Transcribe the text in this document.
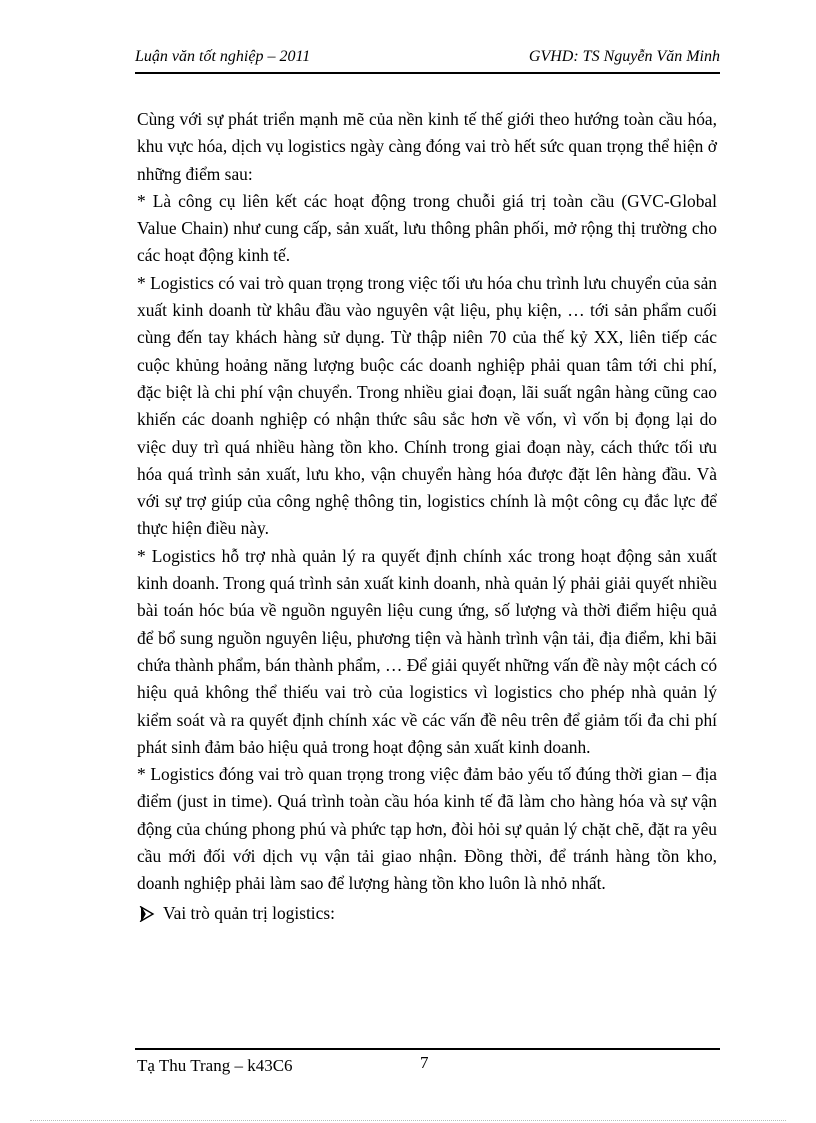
Luận văn tốt nghiệp – 2011	GVHD: TS Nguyễn Văn Minh

Cùng với sự phát triển mạnh mẽ của nền kinh tế thế giới theo hướng toàn cầu hóa, khu vực hóa, dịch vụ logistics ngày càng đóng vai trò hết sức quan trọng thể hiện ở những điểm sau:

* Là công cụ liên kết các hoạt động trong chuỗi giá trị toàn cầu (GVC-Global Value Chain) như cung cấp, sản xuất, lưu thông phân phối, mở rộng thị trường cho các hoạt động kinh tế.

* Logistics có vai trò quan trọng trong việc tối ưu hóa chu trình lưu chuyển của sản xuất kinh doanh từ khâu đầu vào nguyên vật liệu, phụ kiện, … tới sản phẩm cuối cùng đến tay khách hàng sử dụng. Từ thập niên 70 của thế kỷ XX, liên tiếp các cuộc khủng hoảng năng lượng buộc các doanh nghiệp phải quan tâm tới chi phí, đặc biệt là chi phí vận chuyển. Trong nhiều giai đoạn, lãi suất ngân hàng cũng cao khiến các doanh nghiệp có nhận thức sâu sắc hơn về vốn, vì vốn bị đọng lại do việc duy trì quá nhiều hàng tồn kho. Chính trong giai đoạn này, cách thức tối ưu hóa quá trình sản xuất, lưu kho, vận chuyển hàng hóa được đặt lên hàng đầu. Và với sự trợ giúp của công nghệ thông tin, logistics chính là một công cụ đắc lực để thực hiện điều này.

* Logistics hỗ trợ nhà quản lý ra quyết định chính xác trong hoạt động sản xuất kinh doanh. Trong quá trình sản xuất kinh doanh, nhà quản lý phải giải quyết nhiều bài toán hóc búa về nguồn nguyên liệu cung ứng, số lượng và thời điểm hiệu quả để bổ sung nguồn nguyên liệu, phương tiện và hành trình vận tải, địa điểm, khi bãi chứa thành phẩm, bán thành phẩm, … Để giải quyết những vấn đề này một cách có hiệu quả không thể thiếu vai trò của logistics vì logistics cho phép nhà quản lý kiểm soát và ra quyết định chính xác về các vấn đề nêu trên để giảm tối đa chi phí phát sinh đảm bảo hiệu quả trong hoạt động sản xuất kinh doanh.

* Logistics đóng vai trò quan trọng trong việc đảm bảo yếu tố đúng thời gian – địa điểm (just in time). Quá trình toàn cầu hóa kinh tế đã làm cho hàng hóa và sự vận động của chúng phong phú và phức tạp hơn, đòi hỏi sự quản lý chặt chẽ, đặt ra yêu cầu mới đối với dịch vụ vận tải giao nhận. Đồng thời, để tránh hàng tồn kho, doanh nghiệp phải làm sao để lượng hàng tồn kho luôn là nhỏ nhất.

Vai trò quản trị logistics:
Tạ Thu Trang – k43C6	7
